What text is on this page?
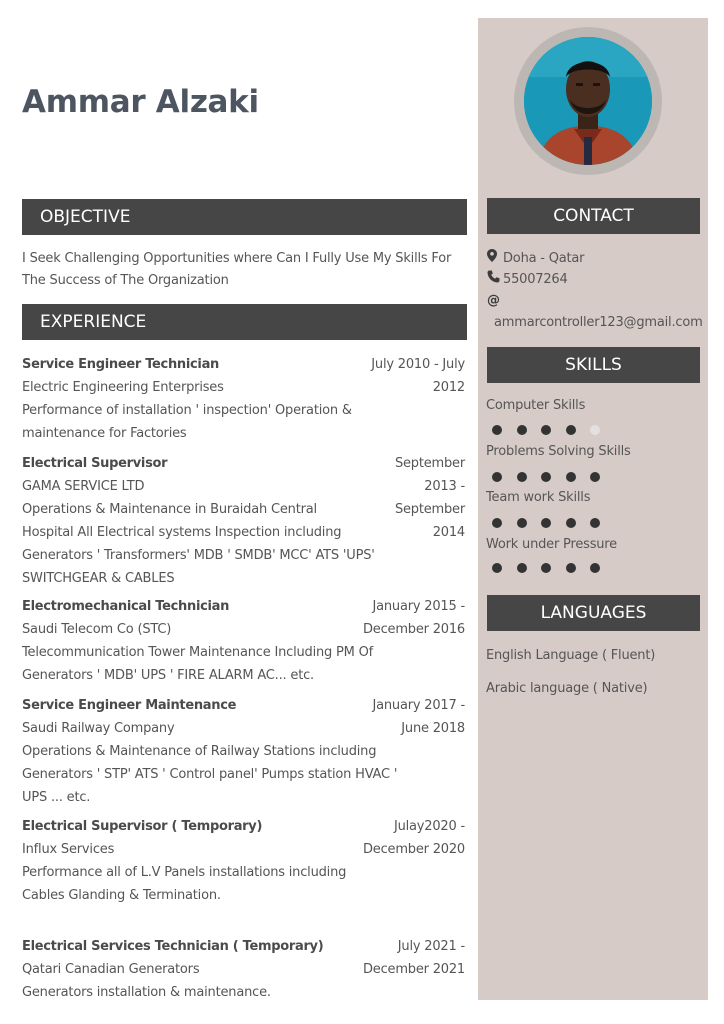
Ammar Alzaki
OBJECTIVE
I Seek Challenging Opportunities where Can I Fully Use My Skills For
The Success of The Organization
EXPERIENCE
July 2010 - July
2012
Service Engineer Technician
Electric Engineering Enterprises
Performance of installation ' inspection' Operation &
maintenance for Factories
September
2013 -
September
2014
Electrical Supervisor
GAMA SERVICE LTD
Operations & Maintenance in Buraidah Central
Hospital All Electrical systems Inspection including
Generators ' Transformers' MDB ' SMDB' MCC' ATS 'UPS'
SWITCHGEAR & CABLES
January 2015 -
December 2016
Electromechanical Technician
Saudi Telecom Co (STC)
Telecommunication Tower Maintenance Including PM Of
Generators ' MDB' UPS ' FIRE ALARM AC... etc.
January 2017 -
June 2018
Service Engineer Maintenance
Saudi Railway Company
Operations & Maintenance of Railway Stations including
Generators ' STP' ATS ' Control panel' Pumps station HVAC '
UPS ... etc.
Julay2020 -
December 2020
Electrical Supervisor ( Temporary)
Influx Services
Performance all of L.V Panels installations including
Cables Glanding & Termination.
July 2021 -
December 2021
Electrical Services Technician ( Temporary)
Qatari Canadian Generators
Generators installation & maintenance.
CONTACT
Doha - Qatar
55007264
@
ammarcontroller123@gmail.com
SKILLS
Computer Skills
Problems Solving Skills
Team work Skills
Work under Pressure
LANGUAGES
English Language ( Fluent)
Arabic language ( Native)
